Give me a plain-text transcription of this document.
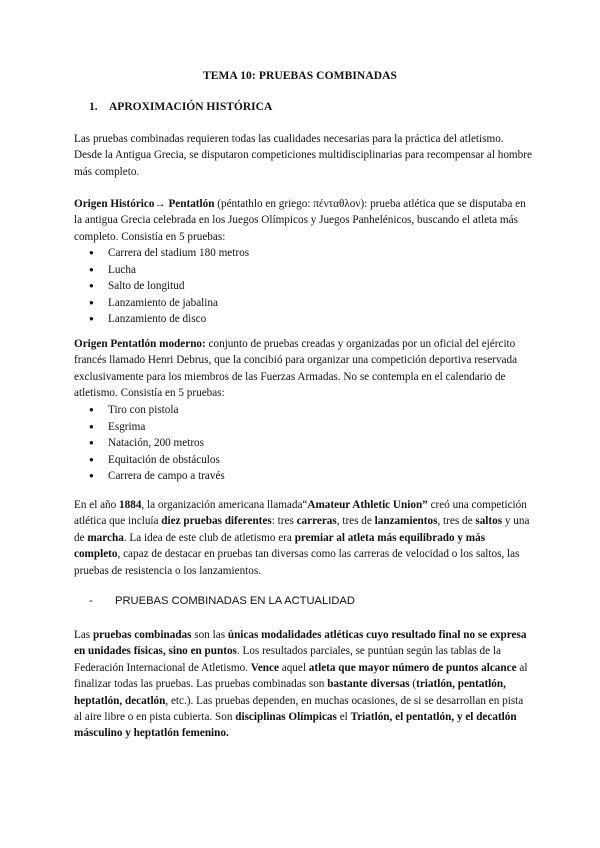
TEMA 10: PRUEBAS COMBINADAS
1. APROXIMACIÓN HISTÓRICA

Las pruebas combinadas requieren todas las cualidades necesarias para la práctica del atletismo. Desde la Antigua Grecia, se disputaron competiciones multidisciplinarias para recompensar al hombre más completo.

Origen Histórico→ Pentatlón (péntathlo en griego: πένταθλον): prueba atlética que se disputaba en la antigua Grecia celebrada en los Juegos Olímpicos y Juegos Panhelénicos, buscando el atleta más completo. Consistía en 5 pruebas:

● Carrera del stadium 180 metros
● Lucha
● Salto de longitud
● Lanzamiento de jabalina
● Lanzamiento de disco

Origen Pentatlón moderno: conjunto de pruebas creadas y organizadas por un oficial del ejército francés llamado Henri Debrus, que la concibió para organizar una competición deportiva reservada exclusivamente para los miembros de las Fuerzas Armadas. No se contempla en el calendario de atletismo. Consistía en 5 pruebas:

● Tiro con pistola
● Esgrima
● Natación, 200 metros
● Equitación de obstáculos
● Carrera de campo a través

En el año 1884, la organización americana llamada“Amateur Athletic Union” creó una competición atlética que incluía diez pruebas diferentes: tres carreras, tres de lanzamientos, tres de saltos y una de marcha. La idea de este club de atletismo era premiar al atleta más equilibrado y más completo, capaz de destacar en pruebas tan diversas como las carreras de velocidad o los saltos, las pruebas de resistencia o los lanzamientos.

- PRUEBAS COMBINADAS EN LA ACTUALIDAD

Las pruebas combinadas son las únicas modalidades atléticas cuyo resultado final no se expresa en unidades físicas, sino en puntos. Los resultados parciales, se puntúan según las tablas de la Federación Internacional de Atletismo. Vence aquel atleta que mayor número de puntos alcance al finalizar todas las pruebas. Las pruebas combinadas son bastante diversas (triatlón, pentatlón, heptatlón, decatlón, etc.). Las pruebas dependen, en muchas ocasiones, de si se desarrollan en pista al aire libre o en pista cubierta. Son disciplinas Olímpicas el Triatlón, el pentatlón, y el decatlón másculino y heptatlón femenino.
